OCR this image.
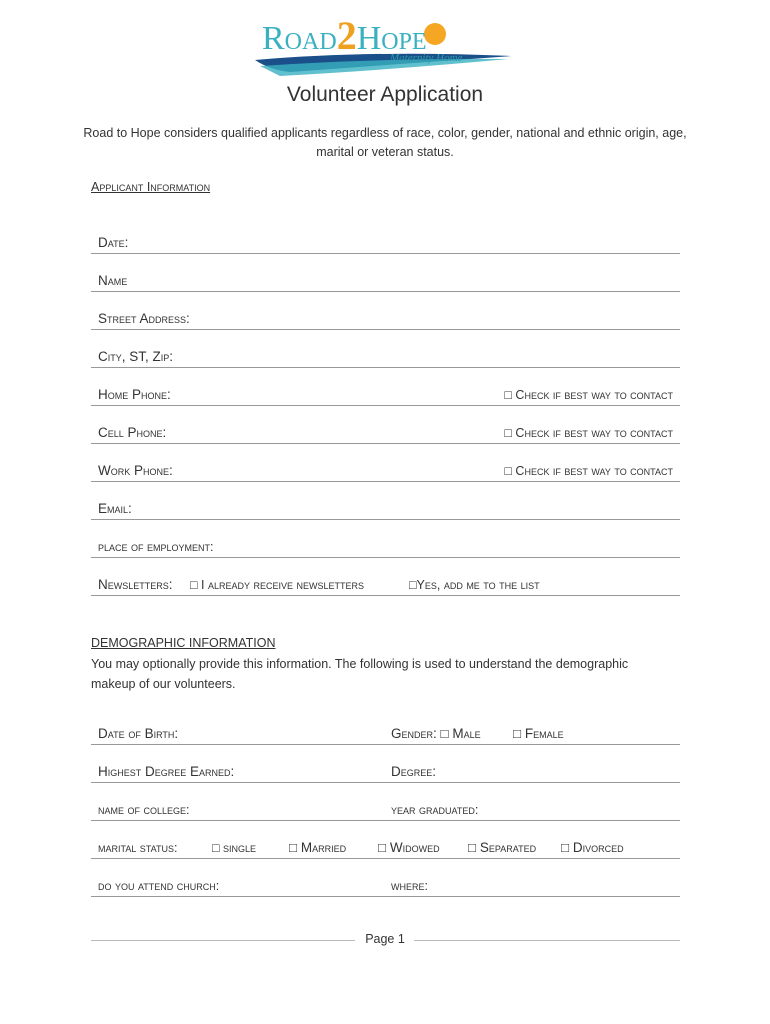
Road2Hope
Maternity Home
Volunteer Application
Road to Hope considers qualified applicants regardless of race, color, gender, national and ethnic origin, age, marital or veteran status.
Applicant Information
Date:
Name
Street Address:
City, ST, Zip:
Home Phone:	□ Check if best way to contact
Cell Phone:	□ Check if best way to contact
Work Phone:	□ Check if best way to contact
Email:
place of employment:
Newsletters: □ I already receive newsletters	□Yes, add me to the list
DEMOGRAPHIC INFORMATION
You may optionally provide this information. The following is used to understand the demographic makeup of our volunteers.
Date of Birth:	Gender: □ Male □ Female
Highest Degree Earned:	Degree:
name of college:	year graduated:
marital status:	□ single □ Married □ Widowed □ Separated □ Divorced
do you attend church:	where:
Page 1
